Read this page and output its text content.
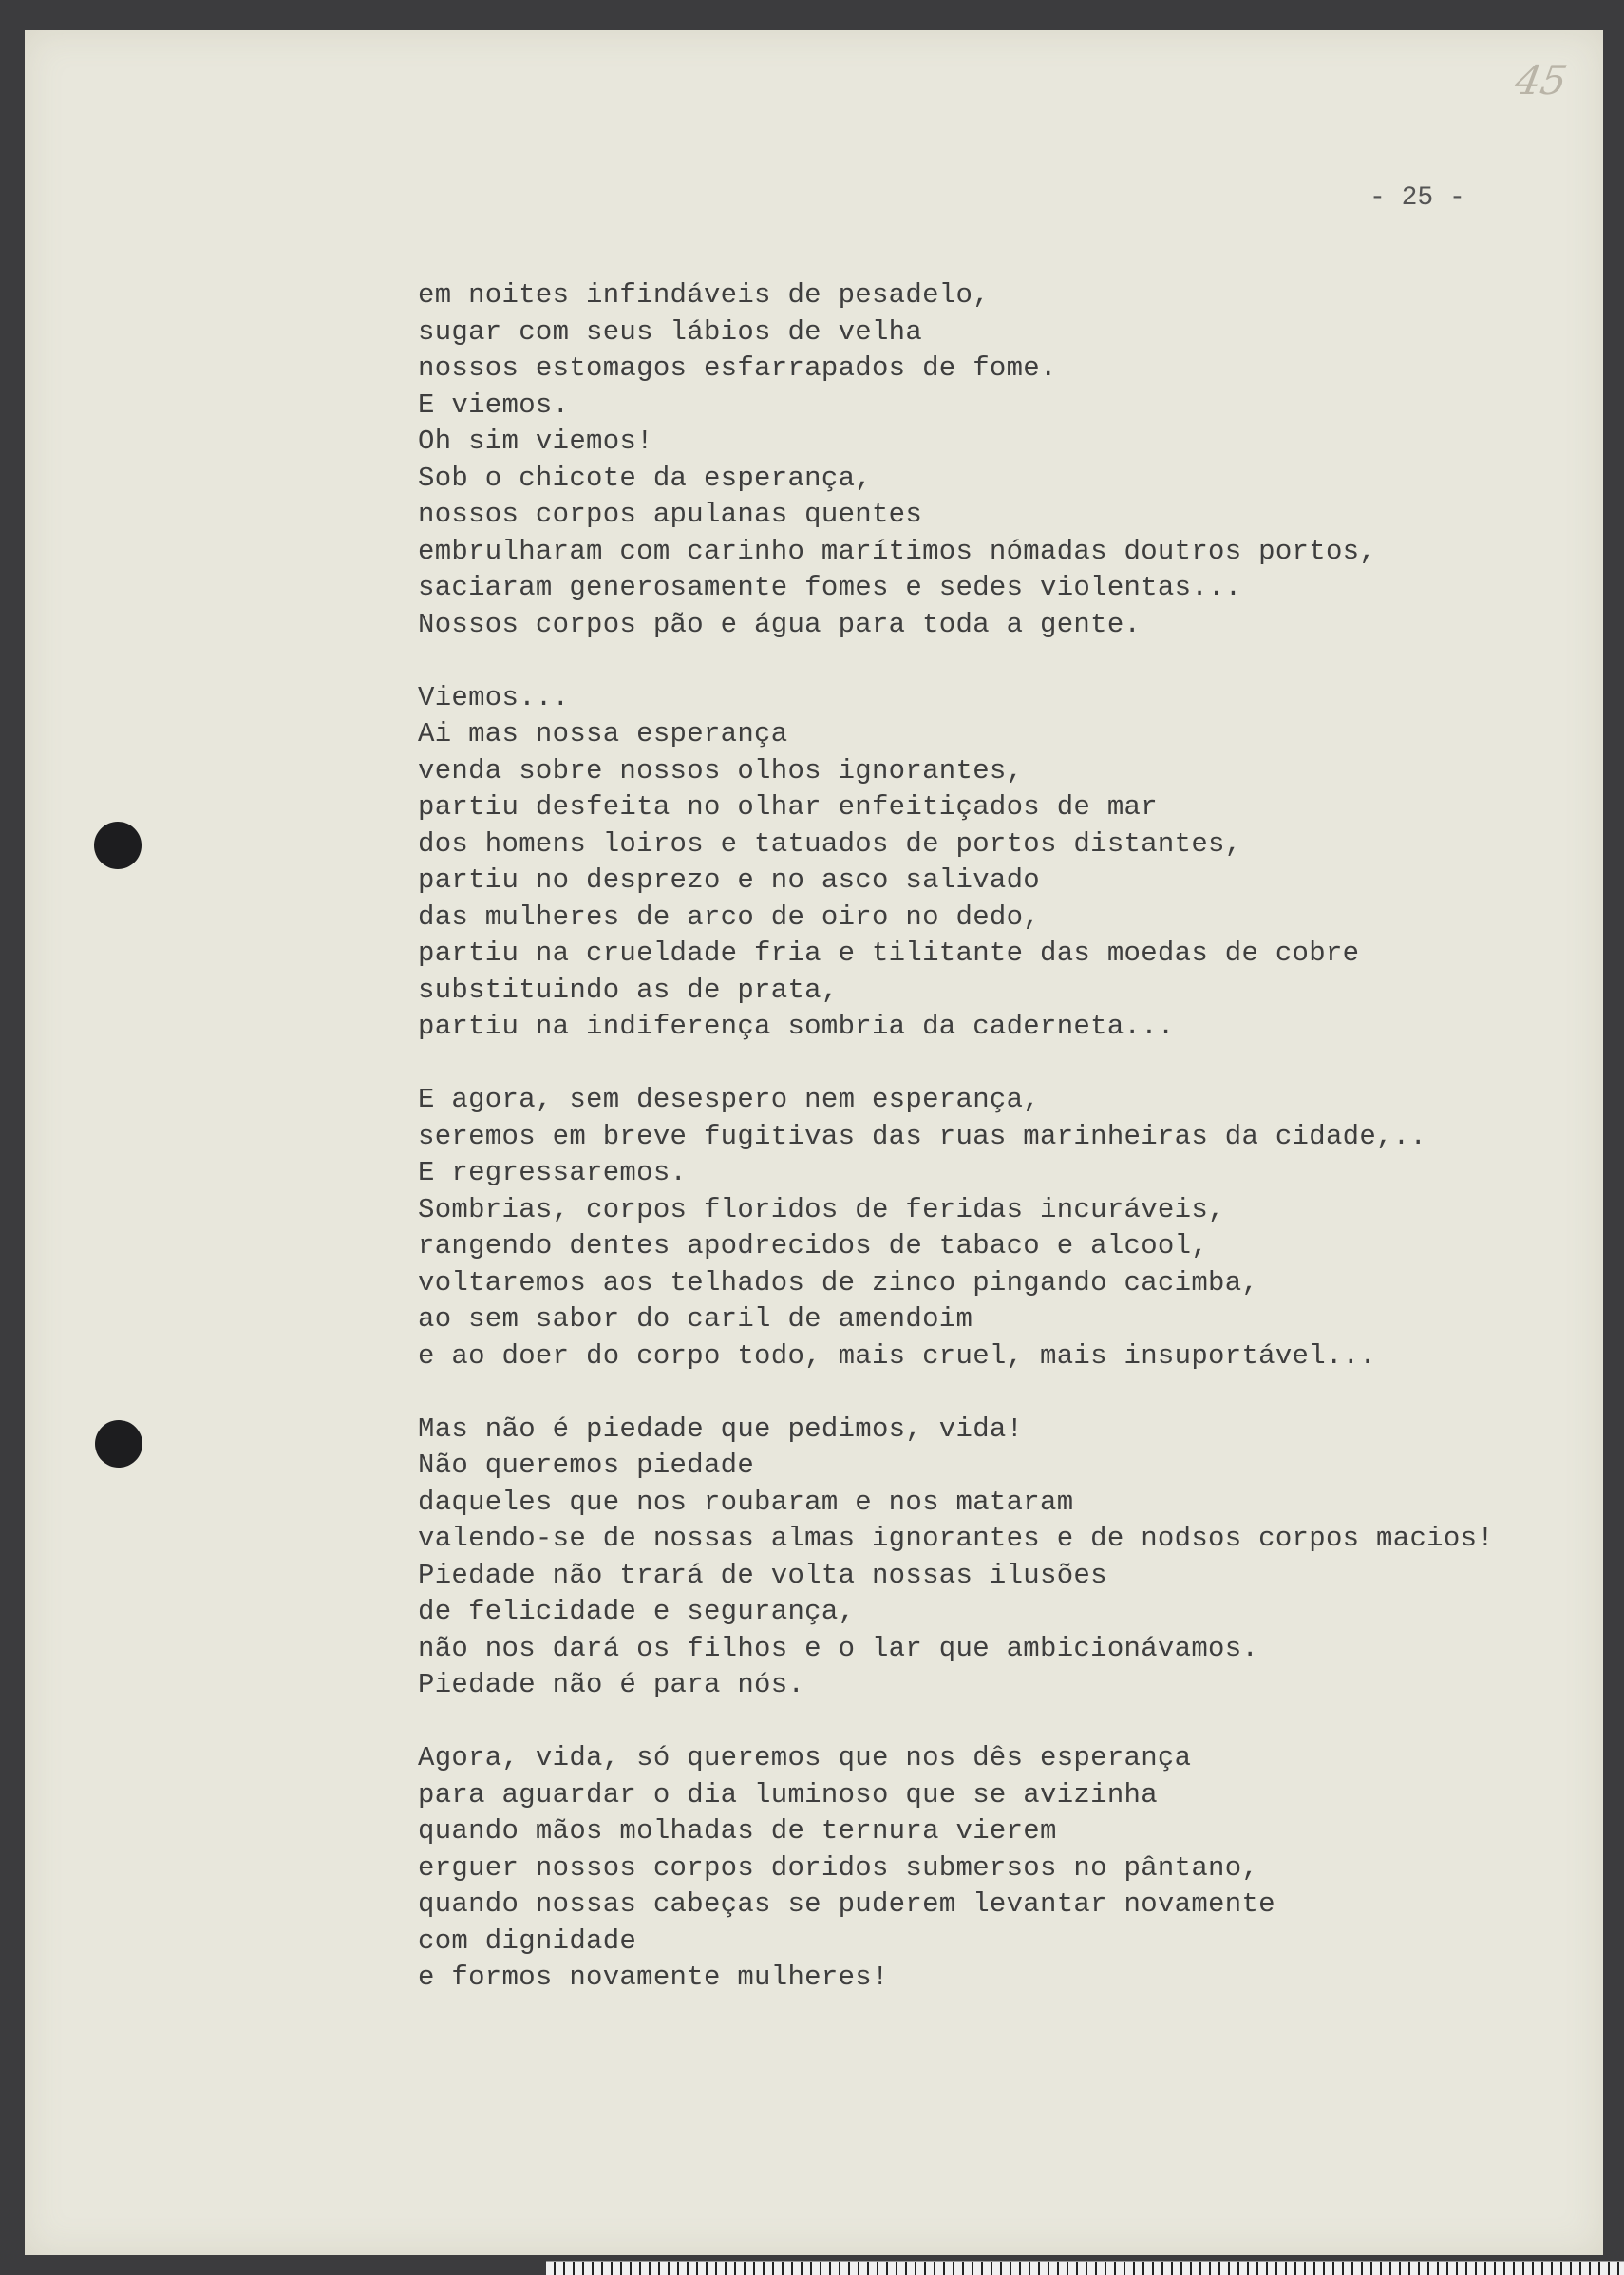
45
- 25 -
em noites infindáveis de pesadelo,
sugar com seus lábios de velha
nossos estomagos esfarrapados de fome.
E viemos.
Oh sim viemos!
Sob o chicote da esperança,
nossos corpos apulanas quentes
embrulharam com carinho marítimos nómadas doutros portos,
saciaram generosamente fomes e sedes violentas...
Nossos corpos pão e água para toda a gente.
Viemos...
Ai mas nossa esperança
venda sobre nossos olhos ignorantes,
partiu desfeita no olhar enfeitiçados de mar
dos homens loiros e tatuados de portos distantes,
partiu no desprezo e no asco salivado
das mulheres de arco de oiro no dedo,
partiu na crueldade fria e tilitante das moedas de cobre
substituindo as de prata,
partiu na indiferença sombria da caderneta...
E agora, sem desespero nem esperança,
seremos em breve fugitivas das ruas marinheiras da cidade,..
E regressaremos.
Sombrias, corpos floridos de feridas incuráveis,
rangendo dentes apodrecidos de tabaco e alcool,
voltaremos aos telhados de zinco pingando cacimba,
ao sem sabor do caril de amendoim
e ao doer do corpo todo, mais cruel, mais insuportável...
Mas não é piedade que pedimos, vida!
Não queremos piedade
daqueles que nos roubaram e nos mataram
valendo-se de nossas almas ignorantes e de nodsos corpos macios!
Piedade não trará de volta nossas ilusões
de felicidade e segurança,
não nos dará os filhos e o lar que ambicionávamos.
Piedade não é para nós.
Agora, vida, só queremos que nos dês esperança
para aguardar o dia luminoso que se avizinha
quando mãos molhadas de ternura vierem
erguer nossos corpos doridos submersos no pântano,
quando nossas cabeças se puderem levantar novamente
com dignidade
e formos novamente mulheres!
